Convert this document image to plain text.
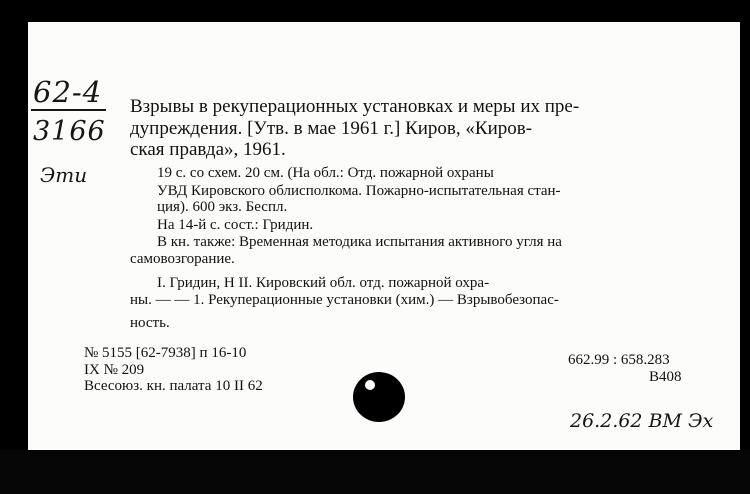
62-4
3166
Эти
26.2.62 ВМ Эх
Взрывы в рекуперационных установках и меры их пре-
дупреждения. [Утв. в мае 1961 г.] Киров, «Киров-
ская правда», 1961.
19 с. со схем. 20 см. (На обл.: Отд. пожарной охраны
УВД Кировского облисполкома. Пожарно-испытательная стан-
ция). 600 экз. Беспл.
На 14-й с. сост.: Гридин.
В кн. также: Временная методика испытания активного угля на
самовозгорание.
I. Гридин, Н II. Кировский обл. отд. пожарной охра-
ны. — — 1. Рекуперационные установки (хим.) — Взрывобезопас-
ность.
№ 5155 [62-7938] п 16-10
IX № 209
Всесоюз. кн. палата 10 II 62
662.99 : 658.283
В408
